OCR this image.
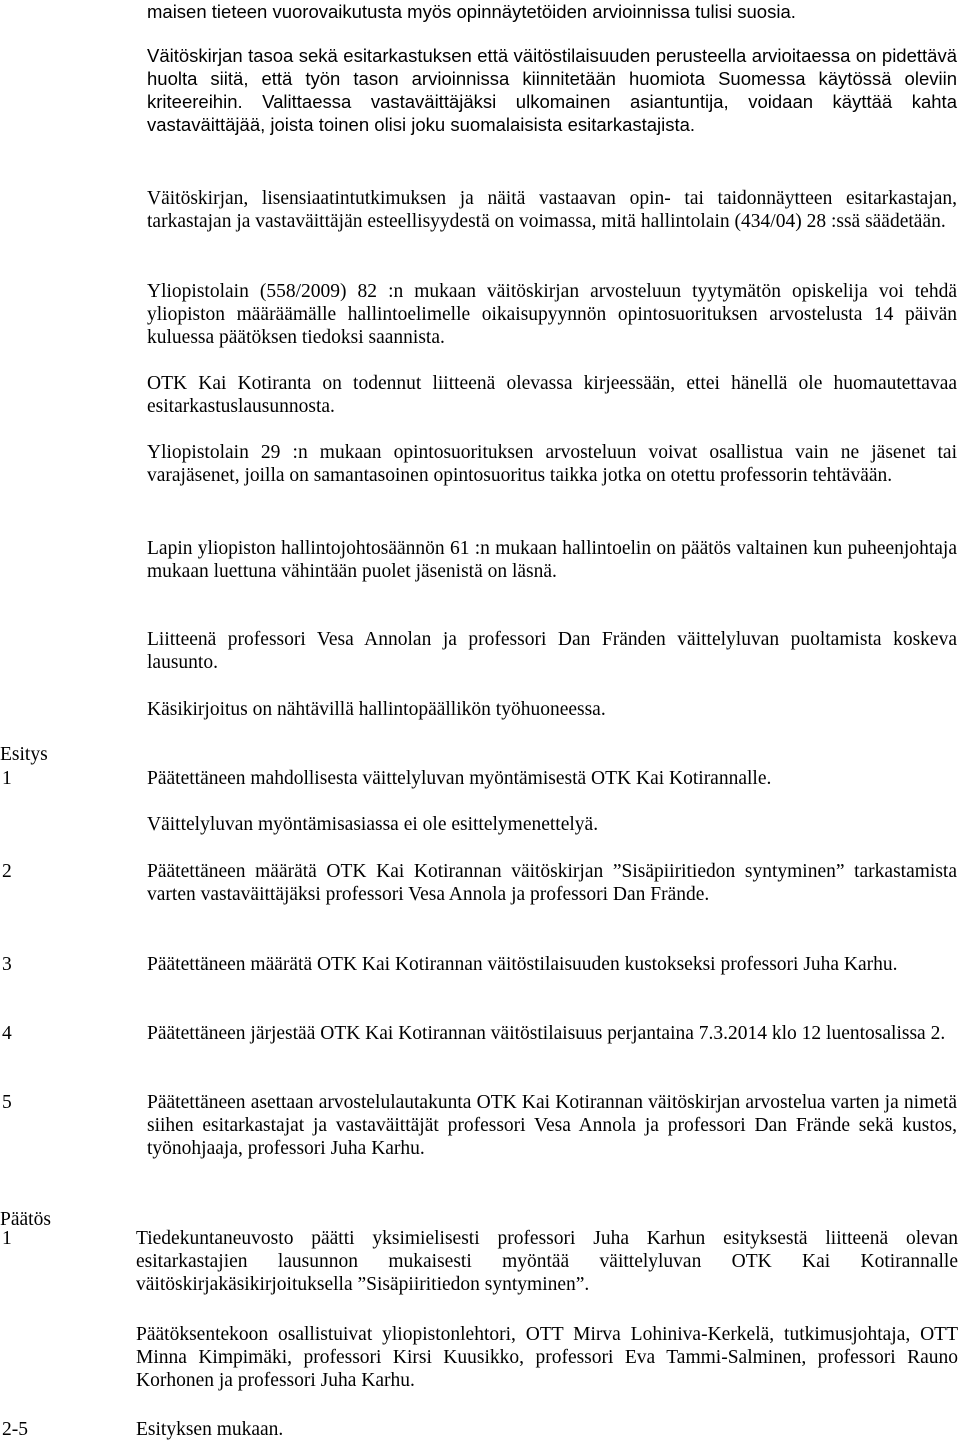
maisen tieteen vuorovaikutusta myös opinnäytetöiden arvioinnissa tulisi suosia.

Väitöskirjan tasoa sekä esitarkastuksen että väitöstilaisuuden perusteella arvioitaessa on pidettävä huolta siitä, että työn tason arvioinnissa kiinnitetään huomiota Suomessa käytössä oleviin kriteereihin. Valittaessa vastaväittäjäksi ulkomainen asiantuntija, voidaan käyttää kahta vastaväittäjää, joista toinen olisi joku suomalaisista esitarkastajista.

Väitöskirjan, lisensiaatintutkimuksen ja näitä vastaavan opin- tai taidonnäytteen esitarkastajan, tarkastajan ja vastaväittäjän esteellisyydestä on voimassa, mitä hallintolain (434/04) 28 :ssä säädetään.

Yliopistolain (558/2009) 82 :n mukaan väitöskirjan arvosteluun tyytymätön opiskelija voi tehdä yliopiston määräämälle hallintoelimelle oikaisupyynnön opintosuorituksen arvostelusta 14 päivän kuluessa päätöksen tiedoksi saannista.

OTK Kai Kotiranta on todennut liitteenä olevassa kirjeessään, ettei hänellä ole huomautettavaa esitarkastuslausunnosta.

Yliopistolain 29 :n mukaan opintosuorituksen arvosteluun voivat osallistua vain ne jäsenet tai varajäsenet, joilla on samantasoinen opintosuoritus taikka jotka on otettu professorin tehtävään.

Lapin yliopiston hallintojohtosäännön 61 :n mukaan hallintoelin on päätös valtainen kun puheenjohtaja mukaan luettuna vähintään puolet jäsenistä on läsnä.

Liitteenä professori Vesa Annolan ja professori Dan Fränden väittelyluvan puoltamista koskeva lausunto.

Käsikirjoitus on nähtävillä hallintopäällikön työhuoneessa.

Esitys

1	Päätettäneen mahdollisesta väittelyluvan myöntämisestä OTK Kai Kotirannalle.

Väittelyluvan myöntämisasiassa ei ole esittelymenettelyä.

2	Päätettäneen määrätä OTK Kai Kotirannan väitöskirjan ”Sisäpiiritiedon syntyminen” tarkastamista varten vastaväittäjäksi professori Vesa Annola ja professori Dan Frände.

3	Päätettäneen määrätä OTK Kai Kotirannan väitöstilaisuuden kustokseksi professori Juha Karhu.

4	Päätettäneen järjestää OTK Kai Kotirannan väitöstilaisuus perjantaina 7.3.2014 klo 12 luentosalissa 2.

5	Päätettäneen asettaan arvostelulautakunta OTK Kai Kotirannan väitöskirjan arvostelua varten ja nimetä siihen esitarkastajat ja vastaväittäjät professori Vesa Annola ja professori Dan Frände sekä kustos, työnohjaaja, professori Juha Karhu.

Päätös

1	Tiedekuntaneuvosto päätti yksimielisesti professori Juha Karhun esityksestä liitteenä olevan esitarkastajien lausunnon mukaisesti myöntää väittelyluvan OTK Kai Kotirannalle väitöskirjakäsikirjoituksella ”Sisäpiiritiedon syntyminen”.

Päätöksentekoon osallistuivat yliopistonlehtori, OTT Mirva Lohiniva-Kerkelä, tutkimusjohtaja, OTT Minna Kimpimäki, professori Kirsi Kuusikko, professori Eva Tammi-Salminen, professori Rauno Korhonen ja professori Juha Karhu.

2-5	Esityksen mukaan.
